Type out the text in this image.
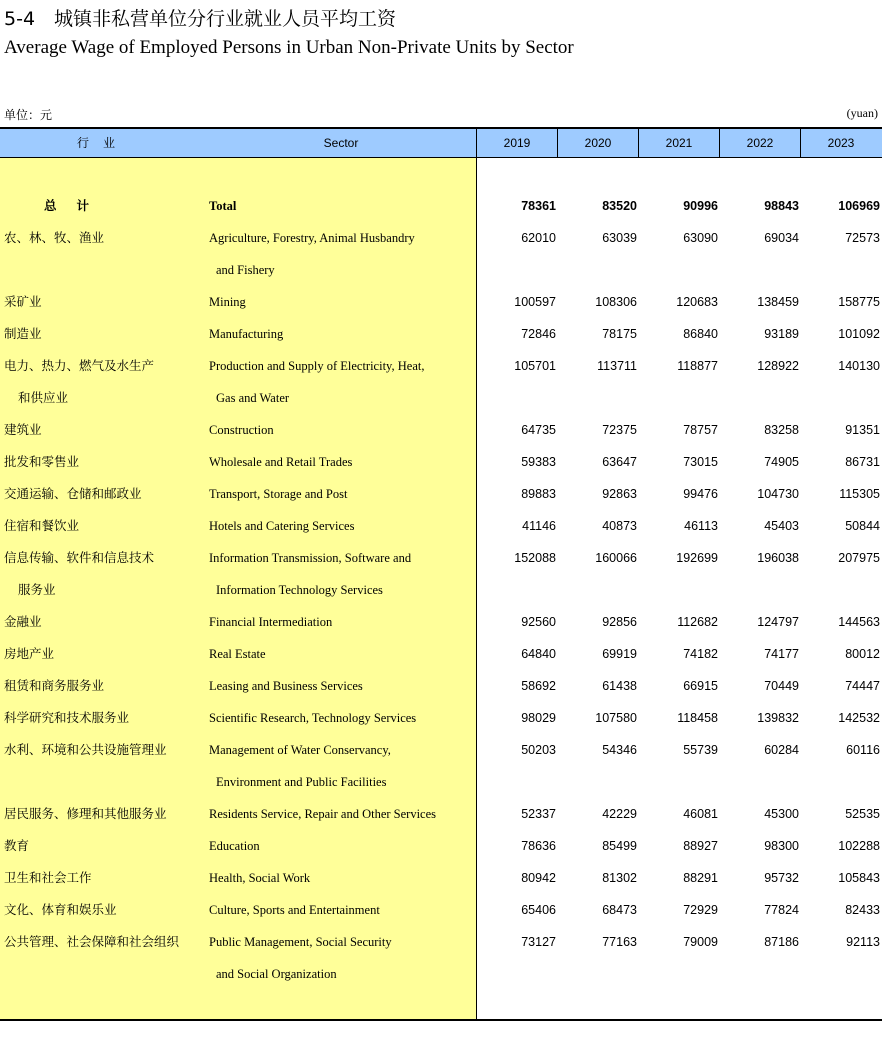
5-4　城镇非私营单位分行业就业人员平均工资
Average Wage of Employed Persons in Urban Non-Private Units by Sector
单位：元	(yuan)
行业	Sector	2019	2020	2021	2022	2023
总计	Total	78361	83520	90996	98843	106969
农、林、牧、渔业	Agriculture, Forestry, Animal Husbandry	62010	63039	63090	69034	72573
and Fishery
采矿业	Mining	100597	108306	120683	138459	158775
制造业	Manufacturing	72846	78175	86840	93189	101092
电力、热力、燃气及水生产	Production and Supply of Electricity, Heat,	105701	113711	118877	128922	140130
和供应业	Gas and Water
建筑业	Construction	64735	72375	78757	83258	91351
批发和零售业	Wholesale and Retail Trades	59383	63647	73015	74905	86731
交通运输、仓储和邮政业	Transport, Storage and Post	89883	92863	99476	104730	115305
住宿和餐饮业	Hotels and Catering Services	41146	40873	46113	45403	50844
信息传输、软件和信息技术	Information Transmission, Software and	152088	160066	192699	196038	207975
服务业	Information Technology Services
金融业	Financial Intermediation	92560	92856	112682	124797	144563
房地产业	Real Estate	64840	69919	74182	74177	80012
租赁和商务服务业	Leasing and Business Services	58692	61438	66915	70449	74447
科学研究和技术服务业	Scientific Research, Technology Services	98029	107580	118458	139832	142532
水利、环境和公共设施管理业	Management of Water Conservancy,	50203	54346	55739	60284	60116
Environment and Public Facilities
居民服务、修理和其他服务业	Residents Service, Repair and Other Services	52337	42229	46081	45300	52535
教育	Education	78636	85499	88927	98300	102288
卫生和社会工作	Health, Social Work	80942	81302	88291	95732	105843
文化、体育和娱乐业	Culture, Sports and Entertainment	65406	68473	72929	77824	82433
公共管理、社会保障和社会组织 Public Management, Social Security	73127	77163	79009	87186	92113
and Social Organization
